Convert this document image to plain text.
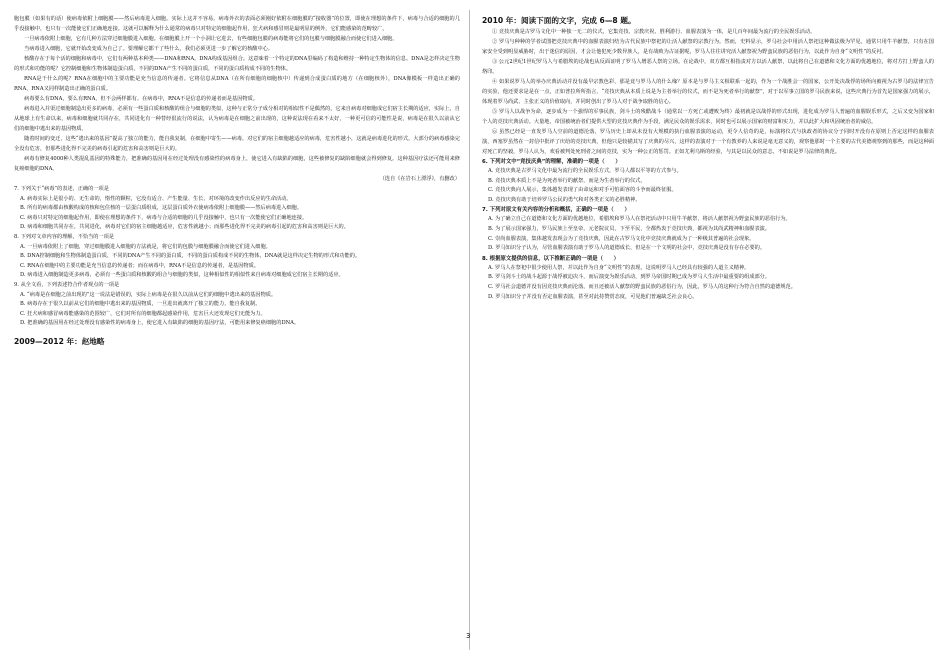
胞包膜（如果有的话）使病毒依附上细胞膜——然后病毒进入细胞。实际上这并不容易。病毒外衣的表面必须刚好依附在细胞膜的“接收器”的位置，即使在理想的条件下，病毒与合适的细胞的几乎没接触中，也只有一次能使它们正确地连接。这就可以解释为什么通常的病毒只对特定的细胞起作用，狂犬病和感冒则是最明显的例外，它们能感染的范畴较广。

一旦病毒依附上细胞，它有几种方法穿过细胞膜进入细胞。在细胞膜上开一个小洞让它进去，有些细胞包膜的病毒能将它们的包膜与细胞膜融合而使它们进入细胞。

当病毒进入细胞，它就开始改变成为自己了。要理解它都干了些什么，我们必须更进一步了解它的核酸中心。

核酸存在于每个活的细胞和病毒中，它们有两种基本种类——DNA和RNA。DNA构成基因组合。这意味着一个特定的DNA里编码了构造和维持一种特定生物体的信息。DNA是怎样决定生物的形式和功能的呢？它控制细胞和生物体制造蛋白质，不同的DNA产生不同的蛋白质，不同的蛋白质构成不同的生物体。

RNA是干什么的呢？RNA在细胞中的主要功能是充当信息的传递者。它将信息从DNA（在所有细胞的细胞核中）传递到合成蛋白质的地方（在细胞核外），DNA像模板一样造出正确的RNA，RNA又同样制造出正确的蛋白质。

病毒要么有DNA，要么有RNA，但不会两样都有。在病毒中，RNA不是信息的传递者而是基因物质。

病毒进入并渠过细胞制造出更多的病毒，必须有一些蛋白质和核酸的组合与细胞的类似，这种与正常分子成分相对的相似性不是偶然的，它来自病毒对细胞成它们宿主长期的适应，实际上，自从地球上有生命以来，病毒和细胞就共同存在，共同进化有一种替经很流行的说法，认为病毒是在细胞之前出现的，这种说法现在看来不太好，一种更可信的可能性是说，病毒是在很久以前从它们的细胞中逃出来的基因物质。

随着时间的变迁，这些“逃出来的基因”提高了独立的能力，能自我复制，在细胞中寄生——病毒。对它们的宿主细胞越适应的病毒，危害性越小，这就是病毒进化的形式。大部分的病毒感染完全没有危害，但那些进化得不完美的病毒引起的危害和高害则是巨大的。

病毒有修复4000种人类混乱基因的特殊能力，把准确的基因用在经过处理没有感染性的病毒身上，使它进入有缺陷的细胞，这些被修复的缺陷细胞就会得到修复。这种基因疗法还可能用来修复癌细胞的DNA。

（选自《在岩石上漂浮》，有删改）

7. 下列关于“病毒”的表述，正确的一项是

A. 病毒实际上是很小的、无生命的，惰性的颗粒，它没有适合、产生能量、生长、对环境的改变作出反应的生命活动。

B. 所有的病毒都由核酸构成的核和包住核的一层蛋白质组成，这层蛋白质外衣使病毒依附上细胞膜——然后病毒进入细胞。

C. 病毒只对特定的细胞起作用，即使在理想的条件下，病毒与合适的细胞的几乎没接触中，也只有一次能使它们正确地连接。

D. 病毒和细胞共同存在，共同进化，病毒对它们的宿主细胞越适应，危害性就越小；而那些进化得不完美的病毒引起的危害和高害则是巨大的。

8. 下列对文章内容的理解，不恰当的一项是

A. 一旦病毒依附上了细胞，穿过细胞膜进入细胞的方法就是，将它们的包膜与细胞膜融合而使它们进入细胞。

B. DNA控制细胞和生物体制造蛋白质，不同的DNA产生不同的蛋白质，不同的蛋白质构成不同的生物体，DNA就是这样决定生物的形式和功能的。

C. RNA在细胞中的主要功能是充当信息的传递者；而在病毒中，RNA不是信息的传递者，是基因物质。

D. 病毒进入细胞制造更多病毒，必须有一些蛋白质和核酸的组合与细胞的类似，这种相似性的相似性来自病毒对细胞成它们宿主长期的适应。

9. 从全文看，下列表述符合作者观点的一项是

A. “病毒是在细胞之前出现的”这一说法是错误的，实际上病毒是在很久以前从它们的细胞中逃出来的基因物质。

B. 病毒存在于很久以前从它们的细胞中逃出来的基因物质，一旦进出就离开了独立的能力，能自我复制。

C. 狂犬病和感冒病毒能感染的范围较广，它们对所有的细胞都起感染作用，危害巨大还发现它们无能为力。

D. 把准确的基因用在经过处理没有感染性的病毒身上，使它进入有缺陷的细胞的基因疗法，可能用来修复癌细胞的DNA。

2009—2012 年：赵地略

2010 年：阅读下面的文字，完成 6—8 题。

① 竞技庆典是古罗马文化中一种独一无二的仪式，它集竞技、宗教庆祝、胜利游行、血腥表演为一体，是几百年间最为流行的全民娱乐活动。

② 罗马与种种的学者试图把竞技庆典中的血腥表演归结为古代民族中祭祀的让活人献祭的宗教行为。然而，史料显示，罗马社会中用活人祭祀这种做法极为罕见，通常只用牛羊献祭，只有在国家安全受到明显威胁时，出于迷信的原因，才会让他犯死少数异族人，是有战败为古证据呢，罗马人往往讲究活人献祭祝为野蛮民族的恶俗行为，以此作为自身“文明性”的反衬。

③ 公元2世纪1世纪罗马人与希腊埃的论战也从反面证明了罗马人增恶人祭的立场。在论战中，双方都互相指责对方以活人献祭，以此将自己在道德和文化方面的优越地位，将对方打上野蛮人的烙印。

④ 如果说罗马人的举办庆典活动并没有最早宗教色彩，那是竟与罗马人的什么缘？原本是与罗马主义相联系一起的，作为一个战胜会一的国家，公开处决战俘的场所向被视为古罗马的法律宣告的实验，他还要求是是在一点，正如普拉所所指言，“竞技庆典从本质上说是为主者举行的仪式，而不是为死者举行的献祭”，对于以军事立国的罗马民族来说，这些庆典行为首先是国家强力的展示，体现着罗马尚武、主张正义的价值取向，并同时创出了罗马人对于战争取胜的信心。

⑤ 罗马人以战争为命，逐步成为一个强悍的军事民族，剑斗士的残酷战斗（通常以一方死亡或遭败为终）最初就是以战俘的形式出现，进化成为罗马人普遍的血腥娱乐形式，之后又变为国家和个人的竞技庆典活动。大量地，帝国被统治者们提供大型的竞技庆典作为手段，满足民众的娱乐需求，同时也可以展示国家的财富和实力，并以此扩大和巩固统治者的威信。

⑥ 虽然已经是一直发罗马人空前的道德沦落，罗马历史上却从未没有大规模的执行血腥表演的运动，更令人信奇的是，标演将仪式与执政者的协议分子同时开没有在原则上否定这样的血腥表演，西塞罗虽然在一封信中批评了庆给的竞技庆典，但他只是较描其写了庆典的尽兴，这样的表演对于一个有教养的人来说是毫无意义的，观察他那时一个主要的古代美德观察到的那些，而是这种面对死亡的坚毅，罗马人认为，欢看被判处死刑者之间的竞技，实为一种公正的惩罚。正如尤利乌斯的经验，与其是以民众的意志，不如说是罗马法律的典范。

6. 下列对文中“竞技庆典”的理解，准确的一项是（　　）

A. 竞技庆典是古罗马文化中最为流行的全民娱乐方式，罗马人都以平等的方式参与。

B. 竞技庆典本质上不是为死者举行的献祭，而是为生者举行的仪式。

C. 竞技庆典向人展示，集体越发表现了由命运和对手可怕面容的斗争而最终征服。

D. 竞技庆典有助于培养罗马公民的勇气和对各类正义的必胜精神。

7. 下列对原文有关内容的分析和概括，正确的一项是（　　）

A. 为了确立自己在道德和文化方面的优越地位，希腊埃和罗马人在祭祀活动中只用牛羊献祭，将活人献祭祝为野蛮民族的恶俗行为。

B. 为了展示国家强力，罗马民族上至皇帝，元老院议员，下至平民，全都热衷于竞技庆典，都视为其尚武精神和血腥表演。

C. 崇尚血腥表演，集体越发表现会为了竞技庆典，因此在古罗马文化中竞技庆典就成为了一种极其普遍的社会现象。

D. 罗马知识分子认为，尽管血腥表演有助于罗马人的道德成长，但是在一个文明的社会中，竞技庆典是没有存在必要的。

8. 根据原文提供的信息，以下推断正确的一项是（　　）

A. 罗马人在祭祀中很少使用人祭，并以此作为自身“文明性”的表现，这说明罗马人已经具有较强的人道主义精神。

B. 罗马剑斗士的战斗起源于战俘被迫决斗，而后演变为娱乐活动，到罗马帝国时期已成为罗马人生活中最重要的组成部分。

C. 罗马社会道德并没有因竞技庆典而沦落，而且还被活人献祭的野蛮民族的恶俗行为，因此，罗马人的这种行为符合自然的道德规范。

D. 罗马知识分子并没有否定血腥表演，甚至对此持赞赏态度，可见他们普遍缺乏社会良心。

3
